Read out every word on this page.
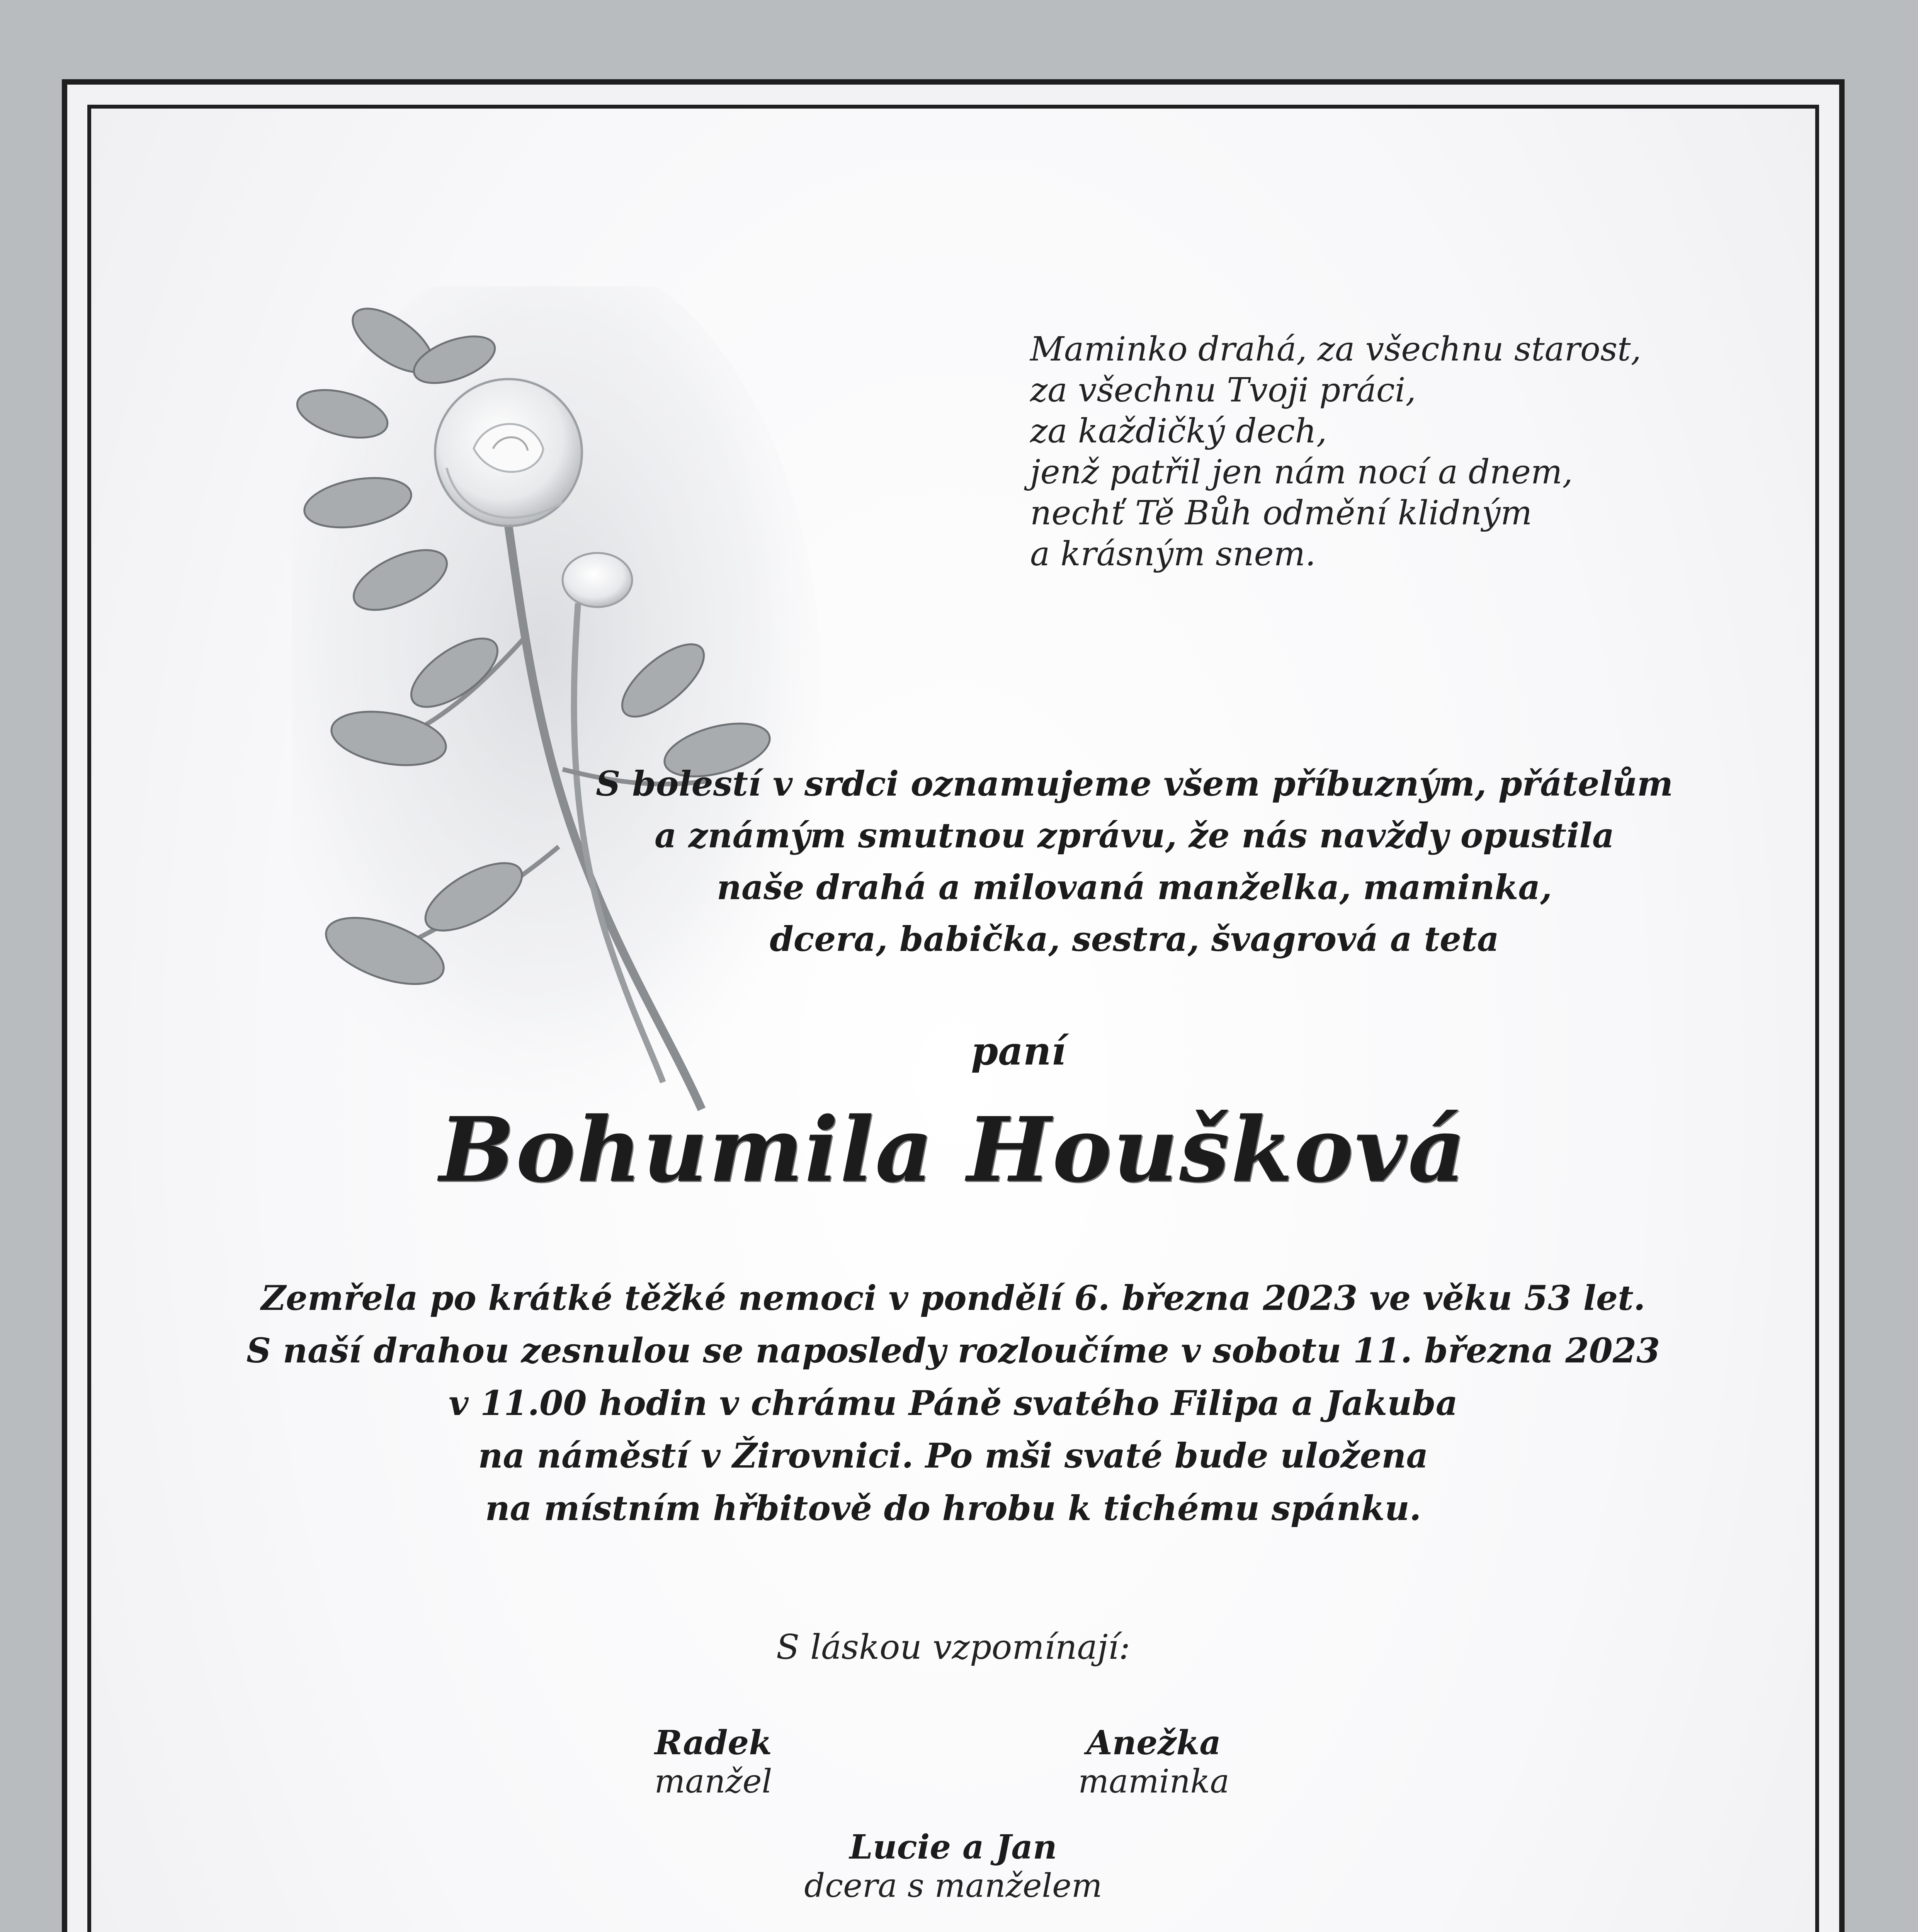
Maminko drahá, za všechnu starost,
za všechnu Tvoji práci,
za každičký dech,
jenž patřil jen nám nocí a dnem,
nechť Tě Bůh odmění klidným
a krásným snem.
S bolestí v srdci oznamujeme všem příbuzným, přátelům
a známým smutnou zprávu, že nás navždy opustila
naše drahá a milovaná manželka, maminka,
dcera, babička, sestra, švagrová a teta
paní
Bohumila Houšková
Zemřela po krátké těžké nemoci v pondělí 6. března 2023 ve věku 53 let.
S naší drahou zesnulou se naposledy rozloučíme v sobotu 11. března 2023
v 11.00 hodin v chrámu Páně svatého Filipa a Jakuba
na náměstí v Žirovnici. Po mši svaté bude uložena
na místním hřbitově do hrobu k tichému spánku.
S láskou vzpomínají:
Radek
manžel
Anežka
maminka
Lucie a Jan
dcera s manželem
